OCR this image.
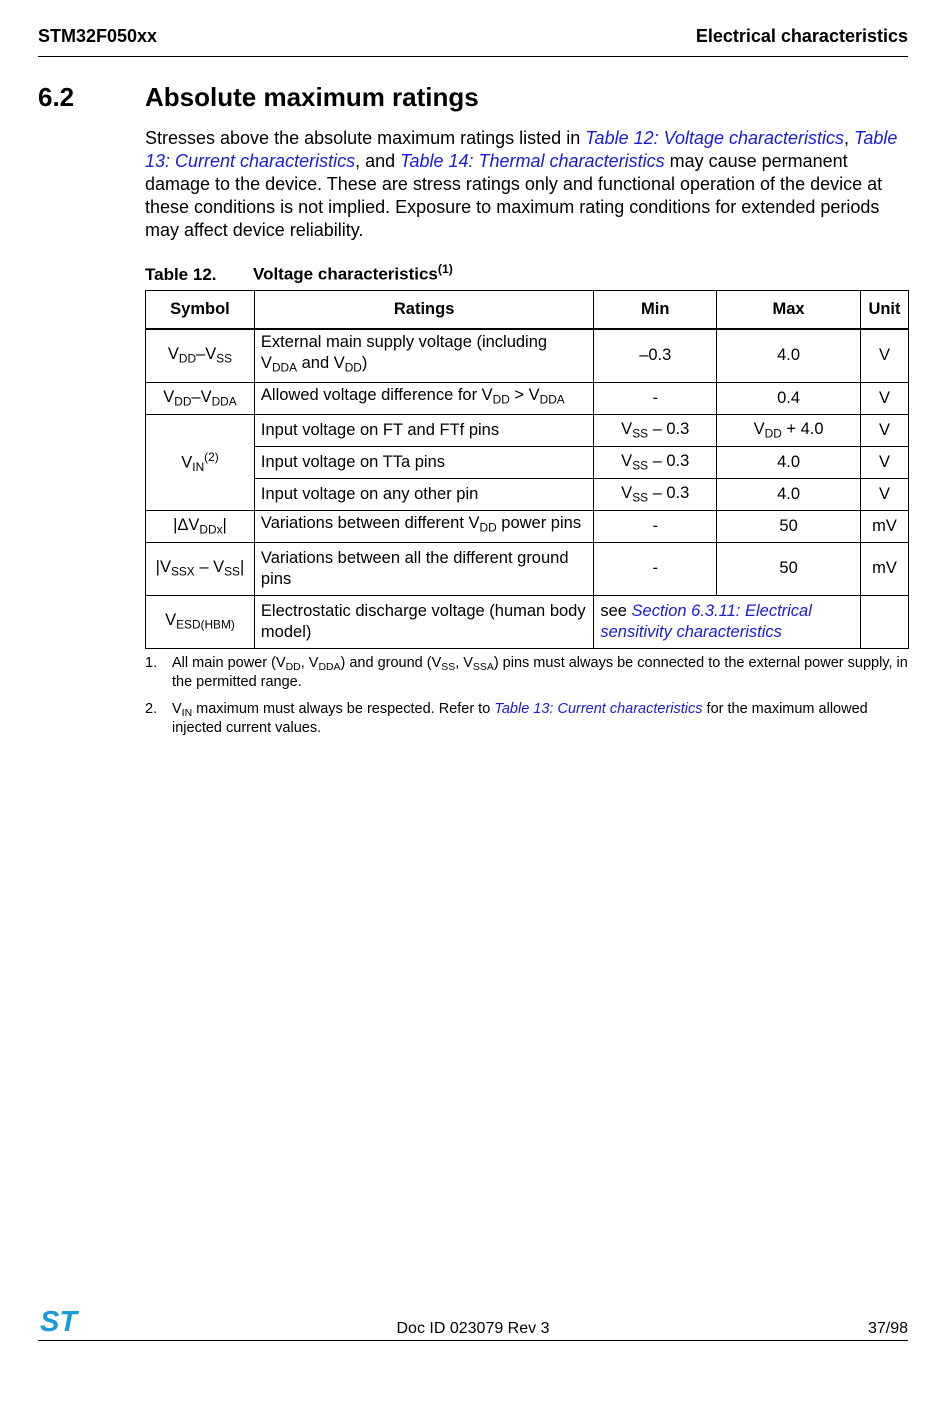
STM32F050xx	Electrical characteristics
6.2	Absolute maximum ratings
Stresses above the absolute maximum ratings listed in Table 12: Voltage characteristics, Table 13: Current characteristics, and Table 14: Thermal characteristics may cause permanent damage to the device. These are stress ratings only and functional operation of the device at these conditions is not implied. Exposure to maximum rating conditions for extended periods may affect device reliability.
Table 12. Voltage characteristics$^{(1)}$
Symbol	Ratings	Min	Max	Unit
$V_{DD}-V_{SS}$	External main supply voltage (including $V_{DDA}$ and $V_{DD}$)	–0.3	4.0	V
$V_{DD}-V_{DDA}$	Allowed voltage difference for $V_{DD} > V_{DDA}$	-	0.4	V
$V_{IN}^{(2)}$	Input voltage on FT and FTf pins	$V_{SS} - 0.3$	$V_{DD} + 4.0$	V
	Input voltage on TTa pins	$V_{SS} - 0.3$	4.0	V
	Input voltage on any other pin	$V_{SS} - 0.3$	4.0	V
$|\Delta V_{DDx}|$	Variations between different $V_{DD}$ power pins	-	50	mV
$|V_{SSX} - V_{SS}|$	Variations between all the different ground pins	-	50	mV
$V_{ESD(HBM)}$	Electrostatic discharge voltage (human body model)	see Section 6.3.11: Electrical sensitivity characteristics		
1. All main power ($V_{DD}$, $V_{DDA}$) and ground ($V_{SS}$, $V_{SSA}$) pins must always be connected to the external power supply, in the permitted range.
2. $V_{IN}$ maximum must always be respected. Refer to Table 13: Current characteristics for the maximum allowed injected current values.
ST	Doc ID 023079 Rev 3	37/98
